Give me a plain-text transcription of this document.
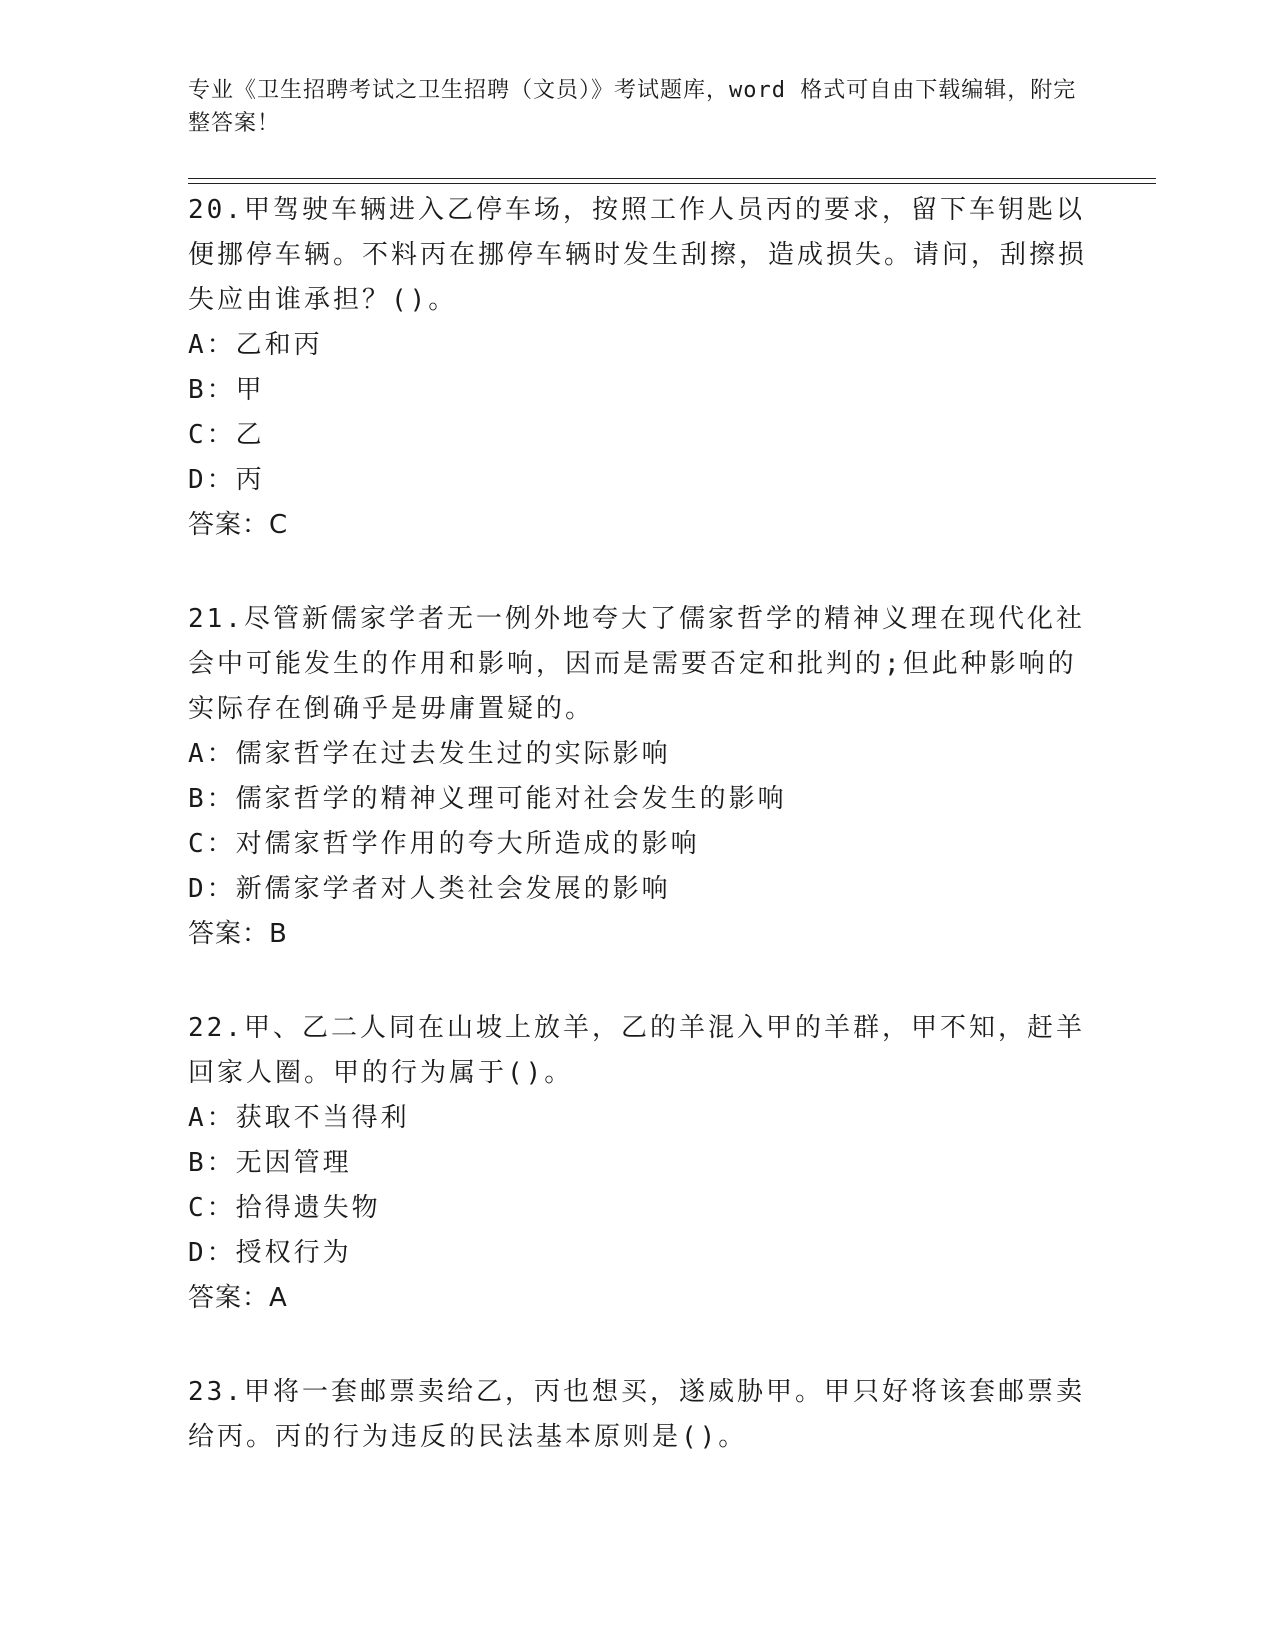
专业《卫生招聘考试之卫生招聘（文员）》考试题库，word 格式可自由下载编辑，附完整答案！

20.甲驾驶车辆进入乙停车场，按照工作人员丙的要求，留下车钥匙以便挪停车辆。不料丙在挪停车辆时发生刮擦，造成损失。请问，刮擦损失应由谁承担？()。

A：乙和丙

B：甲

C：乙

D：丙

答案：C

21.尽管新儒家学者无一例外地夸大了儒家哲学的精神义理在现代化社会中可能发生的作用和影响，因而是需要否定和批判的;但此种影响的实际存在倒确乎是毋庸置疑的。

A：儒家哲学在过去发生过的实际影响

B：儒家哲学的精神义理可能对社会发生的影响

C：对儒家哲学作用的夸大所造成的影响

D：新儒家学者对人类社会发展的影响

答案：B

22.甲、乙二人同在山坡上放羊，乙的羊混入甲的羊群，甲不知，赶羊回家人圈。甲的行为属于()。

A：获取不当得利

B：无因管理

C：拾得遗失物

D：授权行为

答案：A

23.甲将一套邮票卖给乙，丙也想买，遂威胁甲。甲只好将该套邮票卖给丙。丙的行为违反的民法基本原则是()。
